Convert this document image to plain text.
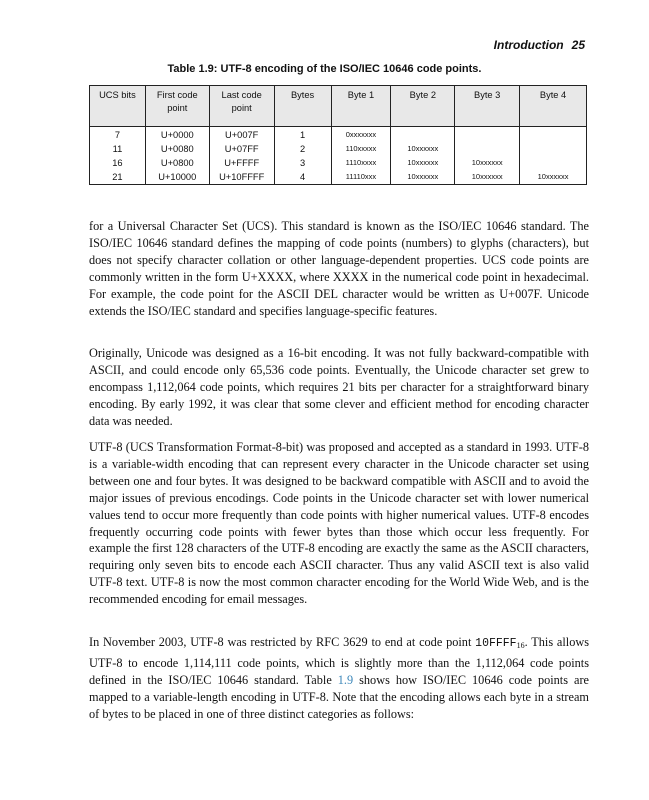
Introduction 25
Table 1.9: UTF-8 encoding of the ISO/IEC 10646 code points.
UCS bits	First code point	Last code point	Bytes	Byte 1	Byte 2	Byte 3	Byte 4
7	U+0000	U+007F	1	0xxxxxxx			
11	U+0080	U+07FF	2	110xxxxx	10xxxxxx		
16	U+0800	U+FFFF	3	1110xxxx	10xxxxxx	10xxxxxx	
21	U+10000	U+10FFFF	4	11110xxx	10xxxxxx	10xxxxxx	10xxxxxx

for a Universal Character Set (UCS). This standard is known as the ISO/IEC 10646 standard. The ISO/IEC 10646 standard defines the mapping of code points (numbers) to glyphs (characters), but does not specify character collation or other language-dependent properties. UCS code points are commonly written in the form U+XXXX, where XXXX in the numerical code point in hexadecimal. For example, the code point for the ASCII DEL character would be written as U+007F. Unicode extends the ISO/IEC standard and specifies language-specific features.

Originally, Unicode was designed as a 16-bit encoding. It was not fully backward-compatible with ASCII, and could encode only 65,536 code points. Eventually, the Unicode character set grew to encompass 1,112,064 code points, which requires 21 bits per character for a straightforward binary encoding. By early 1992, it was clear that some clever and efficient method for encoding character data was needed.

UTF-8 (UCS Transformation Format-8-bit) was proposed and accepted as a standard in 1993. UTF-8 is a variable-width encoding that can represent every character in the Unicode character set using between one and four bytes. It was designed to be backward compatible with ASCII and to avoid the major issues of previous encodings. Code points in the Unicode character set with lower numerical values tend to occur more frequently than code points with higher numerical values. UTF-8 encodes frequently occurring code points with fewer bytes than those which occur less frequently. For example the first 128 characters of the UTF-8 encoding are exactly the same as the ASCII characters, requiring only seven bits to encode each ASCII character. Thus any valid ASCII text is also valid UTF-8 text. UTF-8 is now the most common character encoding for the World Wide Web, and is the recommended encoding for email messages.

In November 2003, UTF-8 was restricted by RFC 3629 to end at code point $10FFFF_{16}$. This allows UTF-8 to encode 1,114,111 code points, which is slightly more than the 1,112,064 code points defined in the ISO/IEC 10646 standard. Table 1.9 shows how ISO/IEC 10646 code points are mapped to a variable-length encoding in UTF-8. Note that the encoding allows each byte in a stream of bytes to be placed in one of three distinct categories as follows:
